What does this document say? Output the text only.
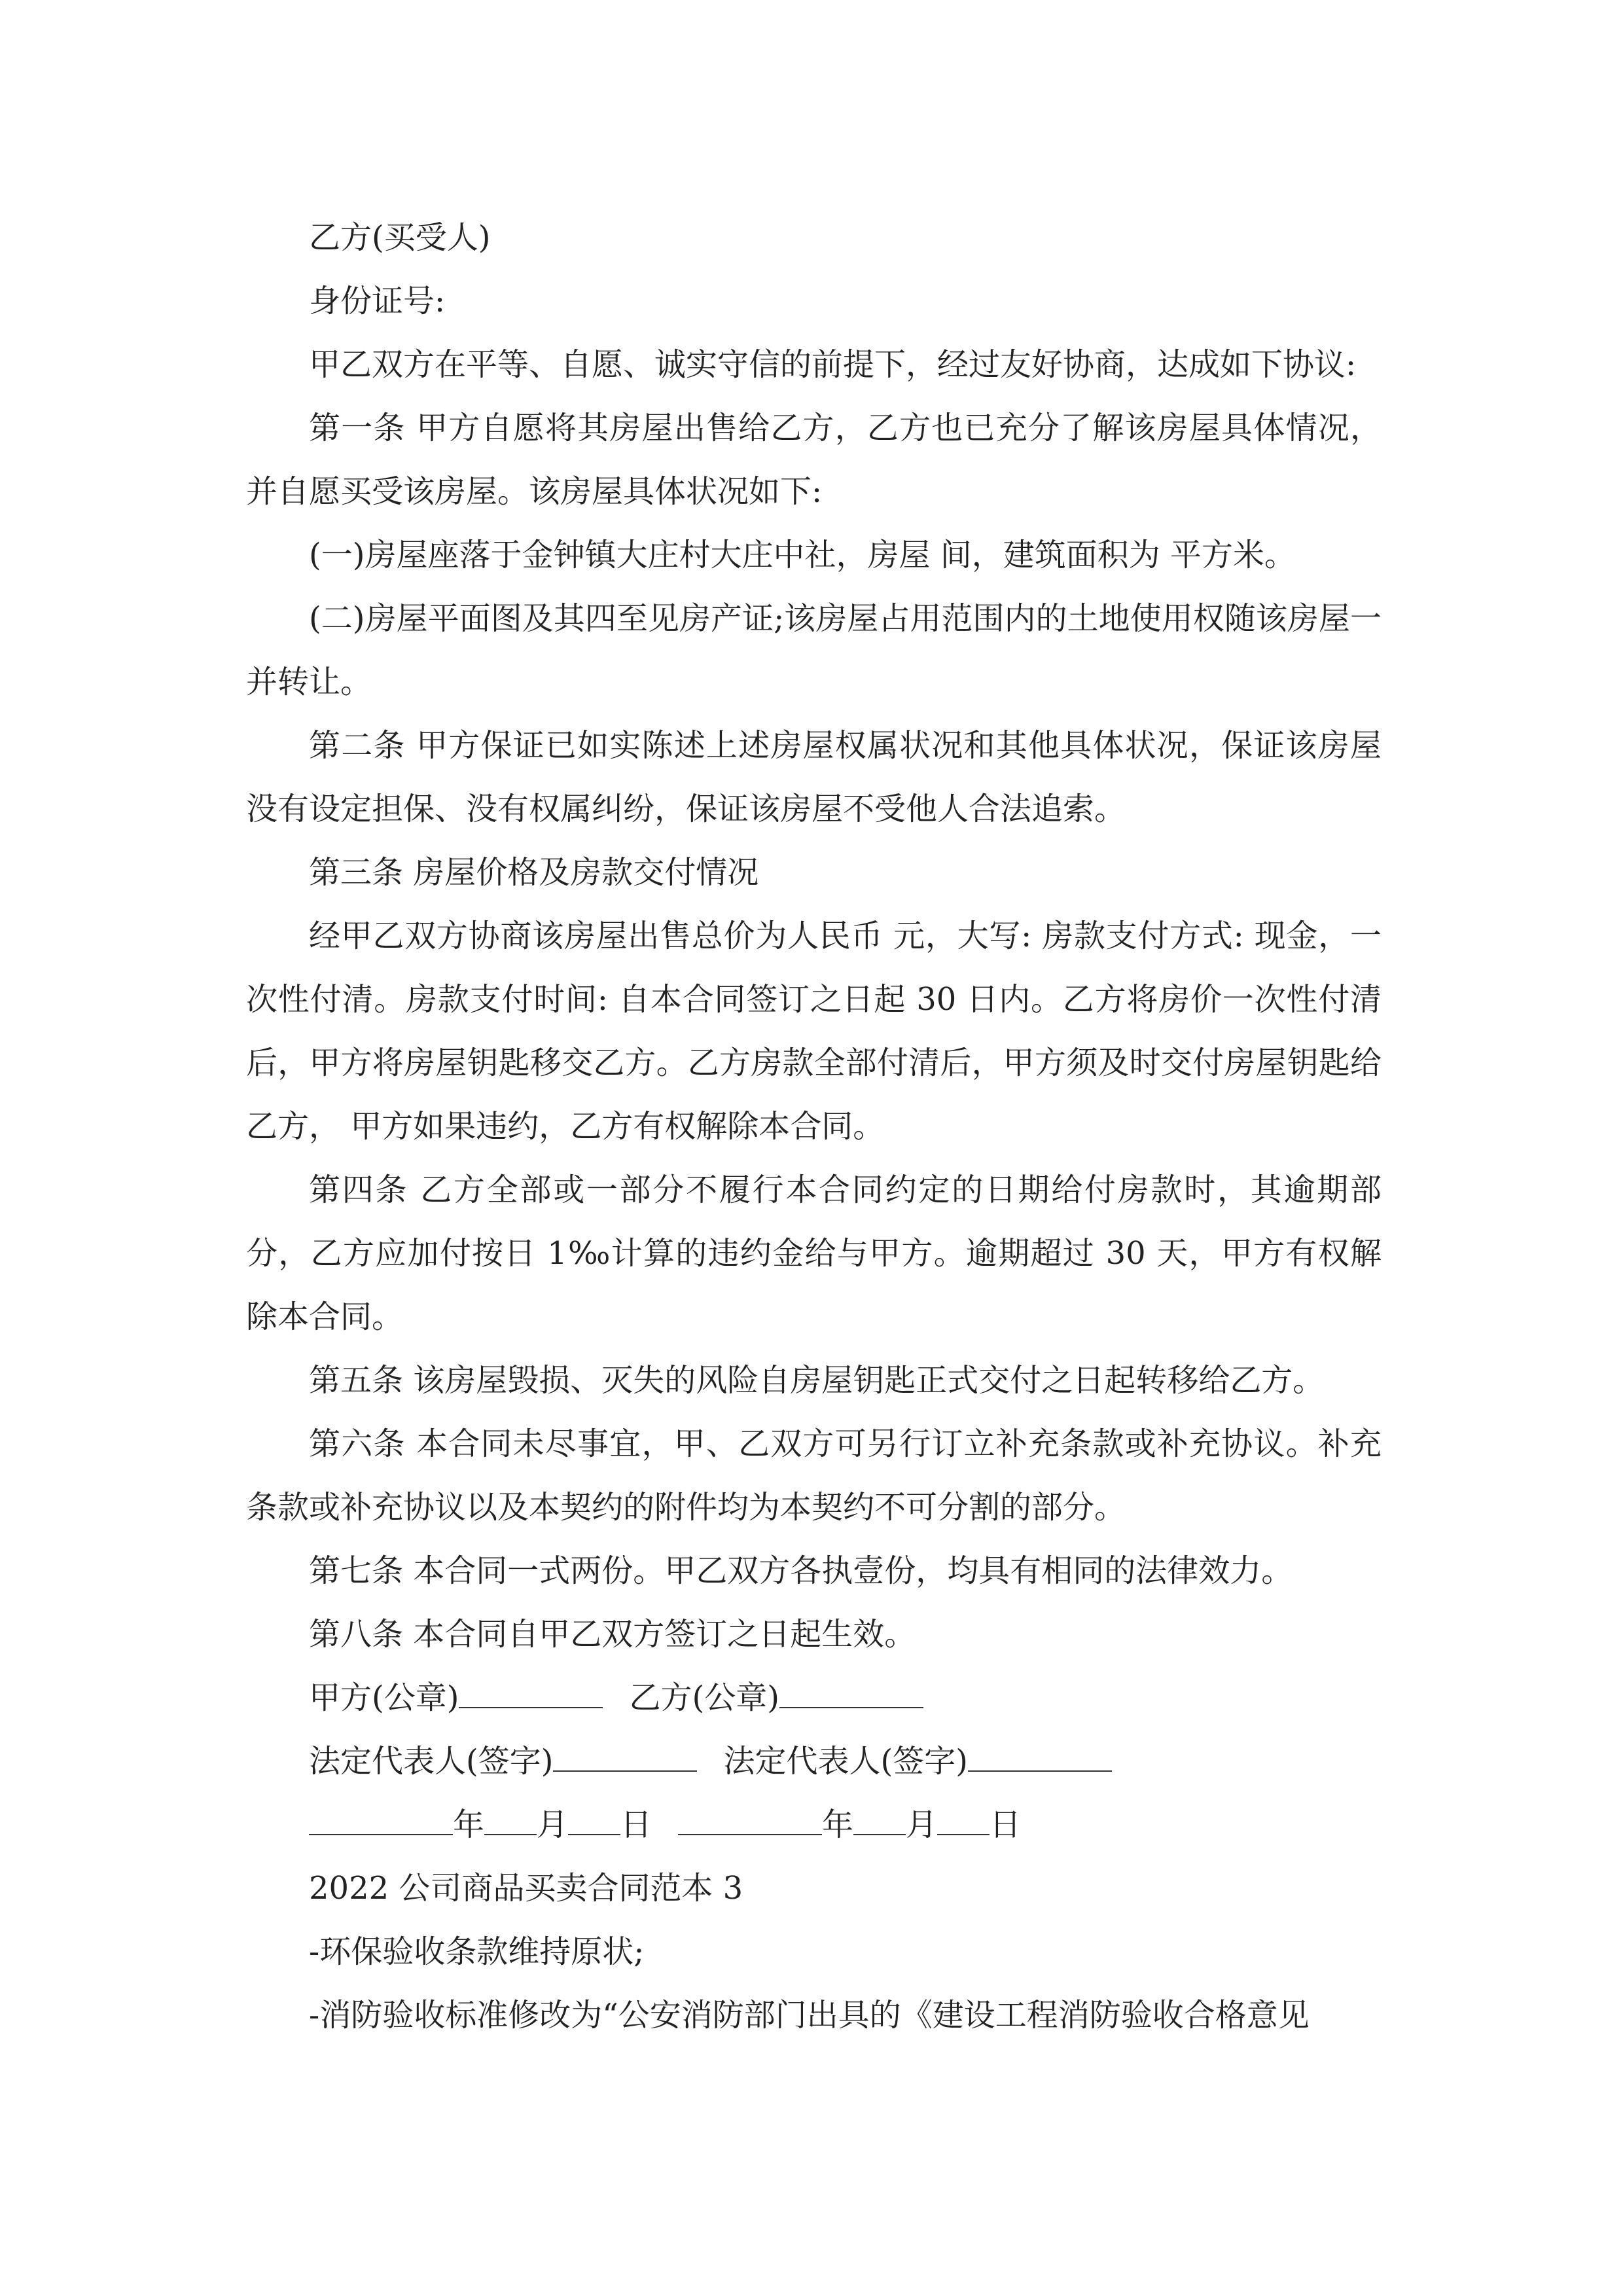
乙方(买受人)

身份证号:

甲乙双方在平等、自愿、诚实守信的前提下，经过友好协商，达成如下协议:

第一条 甲方自愿将其房屋出售给乙方，乙方也已充分了解该房屋具体情况，并自愿买受该房屋。该房屋具体状况如下:

(一)房屋座落于金钟镇大庄村大庄中社，房屋 间，建筑面积为 平方米。

(二)房屋平面图及其四至见房产证;该房屋占用范围内的土地使用权随该房屋一并转让。

第二条 甲方保证已如实陈述上述房屋权属状况和其他具体状况，保证该房屋没有设定担保、没有权属纠纷，保证该房屋不受他人合法追索。

第三条 房屋价格及房款交付情况

经甲乙双方协商该房屋出售总价为人民币 元，大写: 房款支付方式: 现金，一次性付清。房款支付时间: 自本合同签订之日起 30 日内。乙方将房价一次性付清后，甲方将房屋钥匙移交乙方。乙方房款全部付清后，甲方须及时交付房屋钥匙给乙方， 甲方如果违约，乙方有权解除本合同。

第四条 乙方全部或一部分不履行本合同约定的日期给付房款时，其逾期部分，乙方应加付按日 1‰计算的违约金给与甲方。逾期超过 30 天，甲方有权解除本合同。

第五条 该房屋毁损、灭失的风险自房屋钥匙正式交付之日起转移给乙方。

第六条 本合同未尽事宜，甲、乙双方可另行订立补充条款或补充协议。补充条款或补充协议以及本契约的附件均为本契约不可分割的部分。

第七条 本合同一式两份。甲乙双方各执壹份，均具有相同的法律效力。

第八条 本合同自甲乙双方签订之日起生效。

甲方(公章)	乙方(公章)

法定代表人(签字)	法定代表人(签字)

年 月 日	年 月 日

2022 公司商品买卖合同范本 3

-环保验收条款维持原状;

-消防验收标准修改为“公安消防部门出具的《建设工程消防验收合格意见
